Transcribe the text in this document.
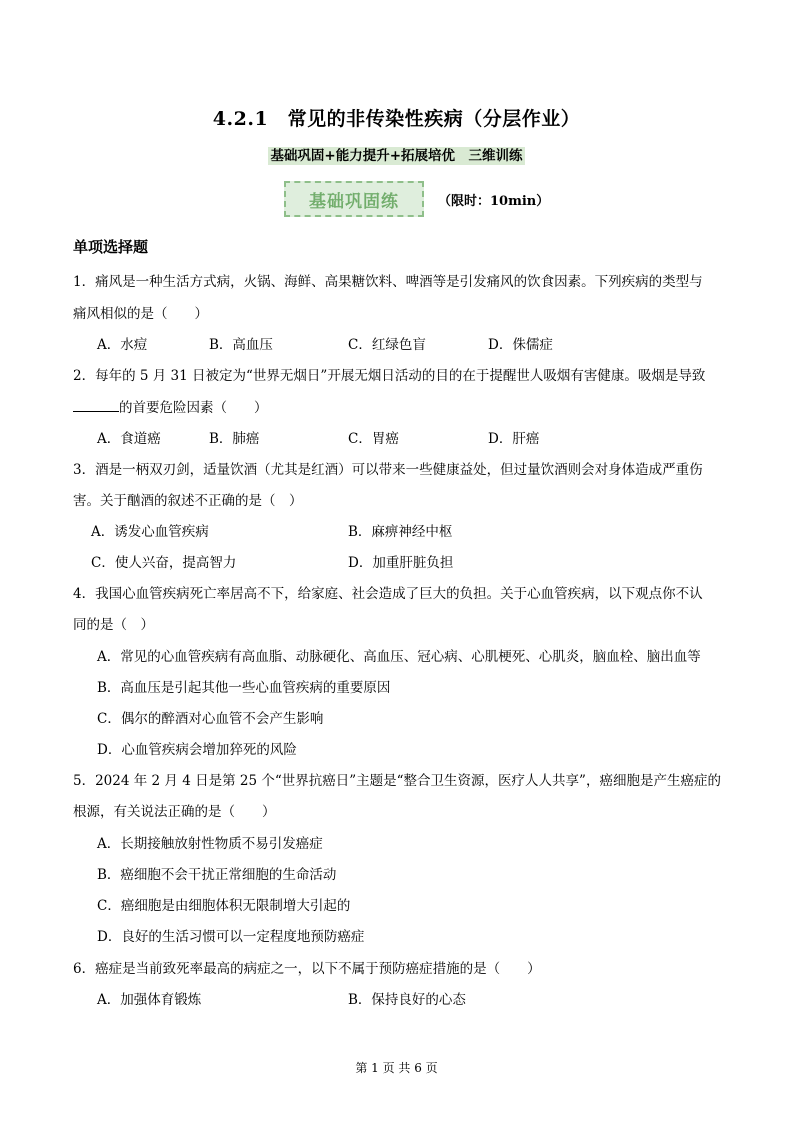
4.2.1　常见的非传染性疾病（分层作业）
基础巩固+能力提升+拓展培优　三维训练
基础巩固练	（限时：10min）
单项选择题
1．痛风是一种生活方式病，火锅、海鲜、高果糖饮料、啤酒等是引发痛风的饮食因素。下列疾病的类型与
痛风相似的是（　　）
A．水痘	B．高血压	C．红绿色盲	D．侏儒症
2．每年的 5 月 31 日被定为“世界无烟日”开展无烟日活动的目的在于提醒世人吸烟有害健康。吸烟是导致
的首要危险因素（　　）
A．食道癌	B．肺癌	C．胃癌	D．肝癌
3．酒是一柄双刃剑，适量饮酒（尤其是红酒）可以带来一些健康益处，但过量饮酒则会对身体造成严重伤
害。关于酗酒的叙述不正确的是（　）
A．诱发心血管疾病	B．麻痹神经中枢
C．使人兴奋，提高智力	D．加重肝脏负担
4．我国心血管疾病死亡率居高不下，给家庭、社会造成了巨大的负担。关于心血管疾病，以下观点你不认
同的是（　）
A．常见的心血管疾病有高血脂、动脉硬化、高血压、冠心病、心肌梗死、心肌炎，脑血栓、脑出血等
B．高血压是引起其他一些心血管疾病的重要原因
C．偶尔的醉酒对心血管不会产生影响
D．心血管疾病会增加猝死的风险
5．2024 年 2 月 4 日是第 25 个“世界抗癌日”主题是“整合卫生资源，医疗人人共享”，癌细胞是产生癌症的
根源，有关说法正确的是（　　）
A．长期接触放射性物质不易引发癌症
B．癌细胞不会干扰正常细胞的生命活动
C．癌细胞是由细胞体积无限制增大引起的
D．良好的生活习惯可以一定程度地预防癌症
6．癌症是当前致死率最高的病症之一，以下不属于预防癌症措施的是（　　）
A．加强体育锻炼	B．保持良好的心态
第 1 页 共 6 页
